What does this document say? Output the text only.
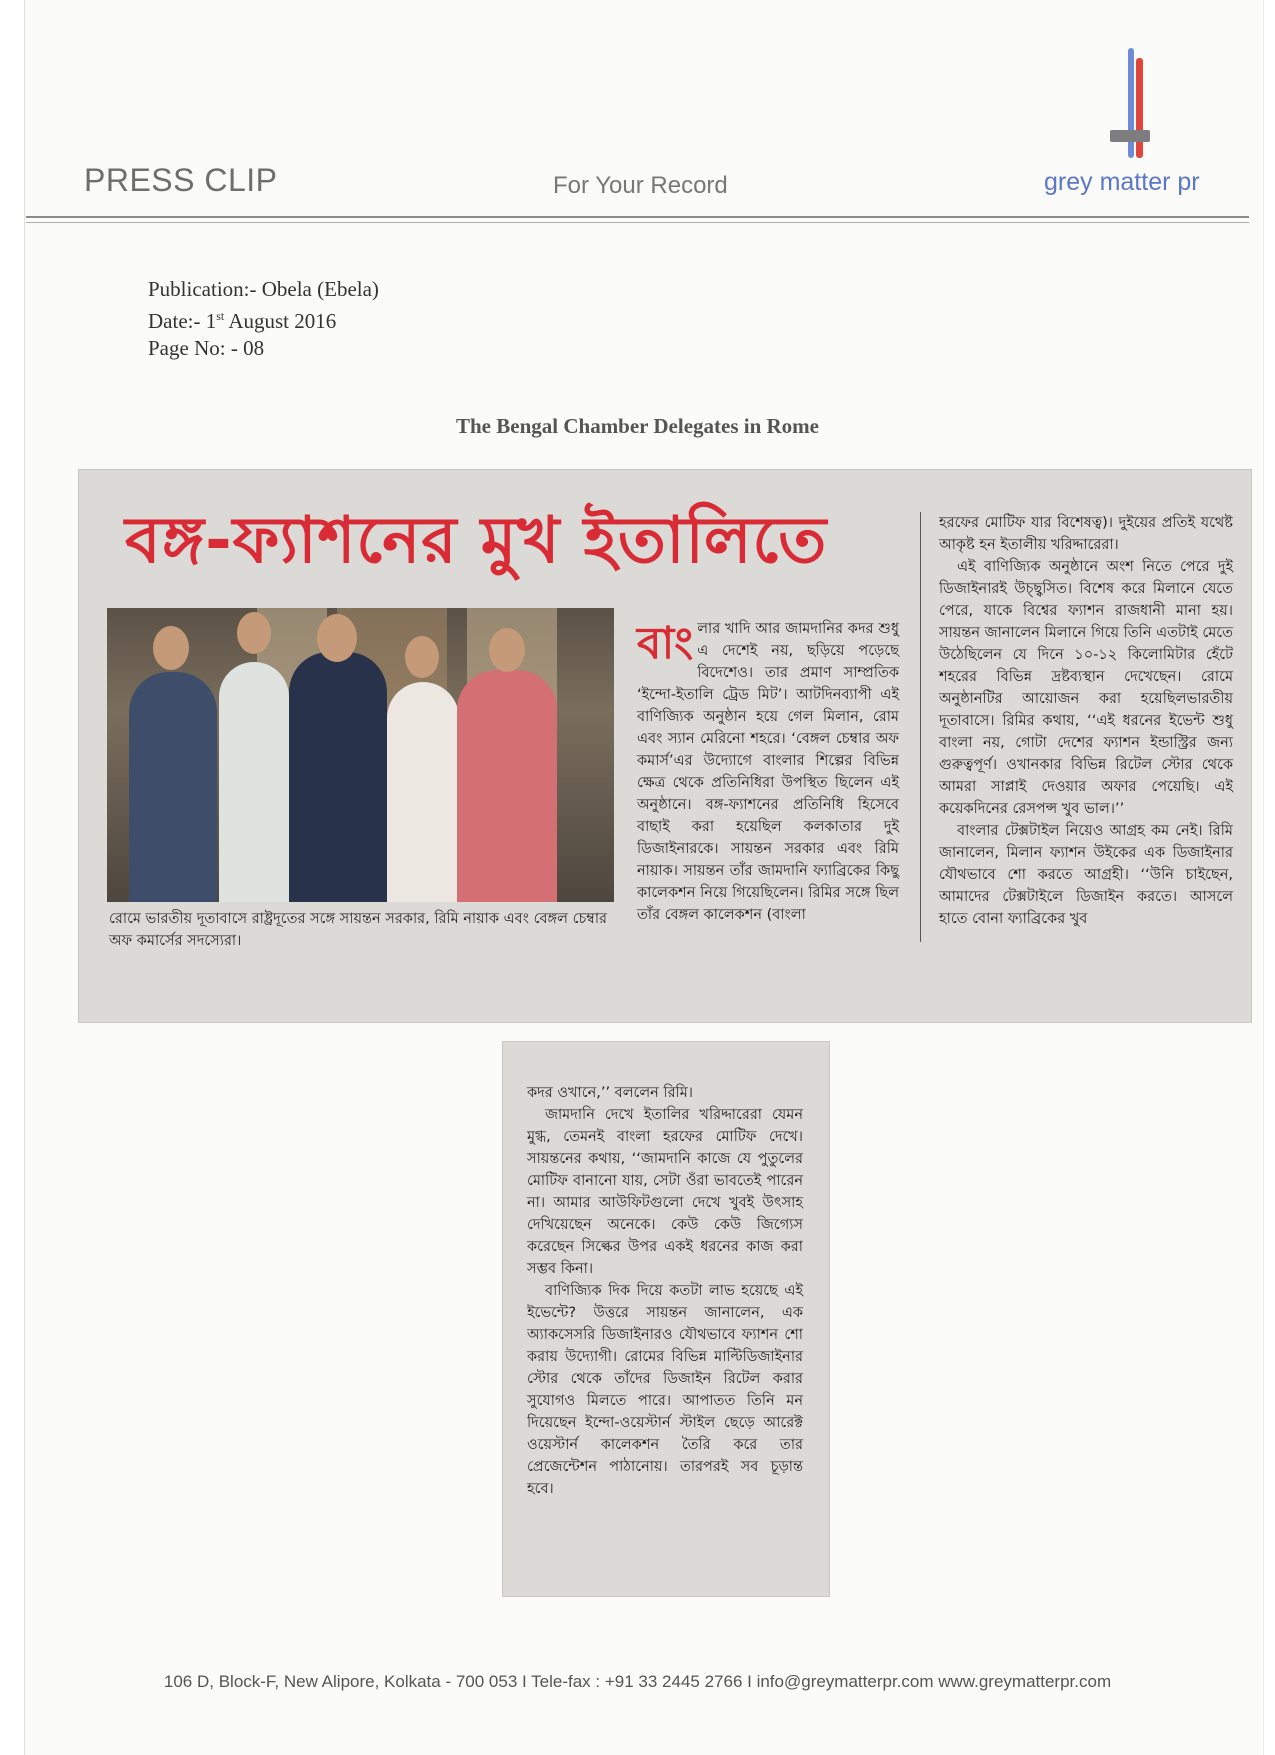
PRESS CLIP	For Your Record	grey matter pr
Publication:- Obela (Ebela)
Date:- 1st August 2016
Page No: - 08
The Bengal Chamber Delegates in Rome
বঙ্গ-ফ্যাশনের মুখ ইতালিতে
রোমে ভারতীয় দূতাবাসে রাষ্ট্রদূতের সঙ্গে সায়ন্তন সরকার, রিমি নায়াক এবং বেঙ্গল চেম্বার অফ কমার্সের সদস্যেরা।
বাং লার খাদি আর জামদানির কদর শুধু এ দেশেই নয়, ছড়িয়ে পড়েছে বিদেশেও। তার প্রমাণ সাম্প্রতিক ‘ইন্দো-ইতালি ট্রেড মিট’। আটদিনব্যাপী এই বাণিজ্যিক অনুষ্ঠান হয়ে গেল মিলান, রোম এবং স্যান মেরিনো শহরে। ‘বেঙ্গল চেম্বার অফ কমার্স’এর উদ্যোগে বাংলার শিল্পের বিভিন্ন ক্ষেত্র থেকে প্রতিনিধিরা উপস্থিত ছিলেন এই অনুষ্ঠানে। বঙ্গ-ফ্যাশনের প্রতিনিধি হিসেবে বাছাই করা হয়েছিল কলকাতার দুই ডিজাইনারকে। সায়ন্তন সরকার এবং রিমি নায়াক। সায়ন্তন তাঁর জামদানি ফ্যাব্রিকের কিছু কালেকশন নিয়ে গিয়েছিলেন। রিমির সঙ্গে ছিল তাঁর বেঙ্গল কালেকশন (বাংলা

হরফের মোটিফ যার বিশেষত্ব)। দুইয়ের প্রতিই যথেষ্ট আকৃষ্ট হন ইতালীয় খরিদ্দারেরা।

এই বাণিজ্যিক অনুষ্ঠানে অংশ নিতে পেরে দুই ডিজাইনারই উচ্ছ্বসিত। বিশেষ করে মিলানে যেতে পেরে, যাকে বিশ্বের ফ্যাশন রাজধানী মানা হয়। সায়ন্তন জানালেন মিলানে গিয়ে তিনি এতটাই মেতে উঠেছিলেন যে দিনে ১০-১২ কিলোমিটার হেঁটে শহরের বিভিন্ন দ্রষ্টব্যস্থান দেখেছেন। রোমে অনুষ্ঠানটির আয়োজন করা হয়েছিলভারতীয় দূতাবাসে। রিমির কথায়, ‘‘এই ধরনের ইভেন্ট শুধু বাংলা নয়, গোটা দেশের ফ্যাশন ইন্ডাস্ট্রির জন্য গুরুত্বপূর্ণ। ওখানকার বিভিন্ন রিটেল স্টোর থেকে আমরা সাপ্লাই দেওয়ার অফার পেয়েছি। এই কয়েকদিনের রেসপন্স খুব ভাল।’’

বাংলার টেক্সটাইল নিয়েও আগ্রহ কম নেই। রিমি জানালেন, মিলান ফ্যাশন উইকের এক ডিজাইনার যৌথভাবে শো করতে আগ্রহী। ‘‘উনি চাইছেন, আমাদের টেক্সটাইলে ডিজাইন করতে। আসলে হাতে বোনা ফ্যাব্রিকের খুব

কদর ওখানে,’’ বললেন রিমি।

জামদানি দেখে ইতালির খরিদ্দারেরা যেমন মুগ্ধ, তেমনই বাংলা হরফের মোটিফ দেখে। সায়ন্তনের কথায়, ‘‘জামদানি কাজে যে পুতুলের মোটিফ বানানো যায়, সেটা ওঁরা ভাবতেই পারেন না। আমার আউফিটগুলো দেখে খুবই উৎসাহ দেখিয়েছেন অনেকে। কেউ কেউ জিগ্যেস করেছেন সিল্কের উপর একই ধরনের কাজ করা সম্ভব কিনা।

বাণিজ্যিক দিক দিয়ে কতটা লাভ হয়েছে এই ইভেন্টে? উত্তরে সায়ন্তন জানালেন, এক অ্যাকসেসরি ডিজাইনারও যৌথভাবে ফ্যাশন শো করায় উদ্যোগী। রোমের বিভিন্ন মাল্টিডিজাইনার স্টোর থেকে তাঁদের ডিজাইন রিটেল করার সুযোগও মিলতে পারে। আপাতত তিনি মন দিয়েছেন ইন্দো-ওয়েস্টার্ন স্টাইল ছেড়ে আরেক্ট ওয়েস্টার্ন কালেকশন তৈরি করে তার প্রেজেন্টেশন পাঠানোয়। তারপরই সব চূড়ান্ত হবে।

106 D, Block-F, New Alipore, Kolkata - 700 053 I Tele-fax : +91 33 2445 2766 I info@greymatterpr.com www.greymatterpr.com
